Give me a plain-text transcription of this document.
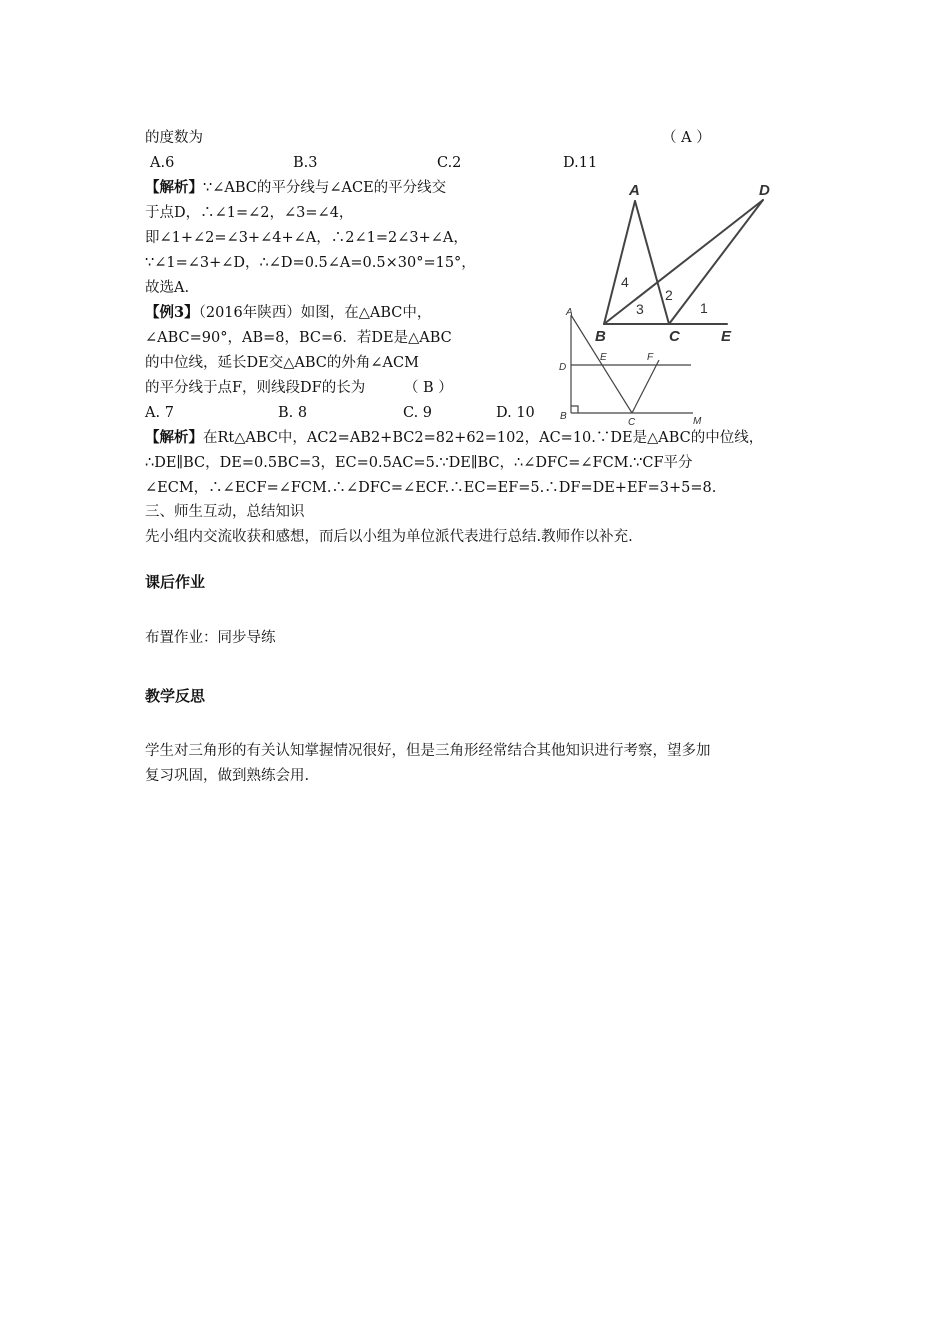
的度数为	（ A ）
A.6	B.3	C.2	D.11
【解析】∵∠ABC的平分线与∠ACE的平分线交
于点D，∴∠1=∠2，∠3=∠4，
即∠1+∠2=∠3+∠4+∠A，∴2∠1=2∠3+∠A，
∵∠1=∠3+∠D，∴∠D=0.5∠A=0.5×30°=15°，
故选A.
【例3】（2016年陕西）如图，在△ABC中，
∠ABC=90°，AB=8，BC=6．若DE是△ABC
的中位线，延长DE交△ABC的外角∠ACM
的平分线于点F，则线段DF的长为	（ B ）
A. 7	B. 8	C. 9	D. 10
【解析】在Rt△ABC中，AC2=AB2+BC2=82+62=102，AC=10.∵DE是△ABC的中位线，
∴DE∥BC，DE=0.5BC=3，EC=0.5AC=5.∵DE∥BC，∴∠DFC=∠FCM.∵CF平分
∠ECM，∴∠ECF=∠FCM.∴∠DFC=∠ECF.∴EC=EF=5.∴DF=DE+EF=3+5=8.
三、师生互动，总结知识
先小组内交流收获和感想，而后以小组为单位派代表进行总结.教师作以补充.
课后作业
布置作业：同步导练
教学反思
学生对三角形的有关认知掌握情况很好，但是三角形经常结合其他知识进行考察，望多加
复习巩固，做到熟练会用.
A	D
B	C	E
1
2
3
4
A
D
E	F
B
C	M
